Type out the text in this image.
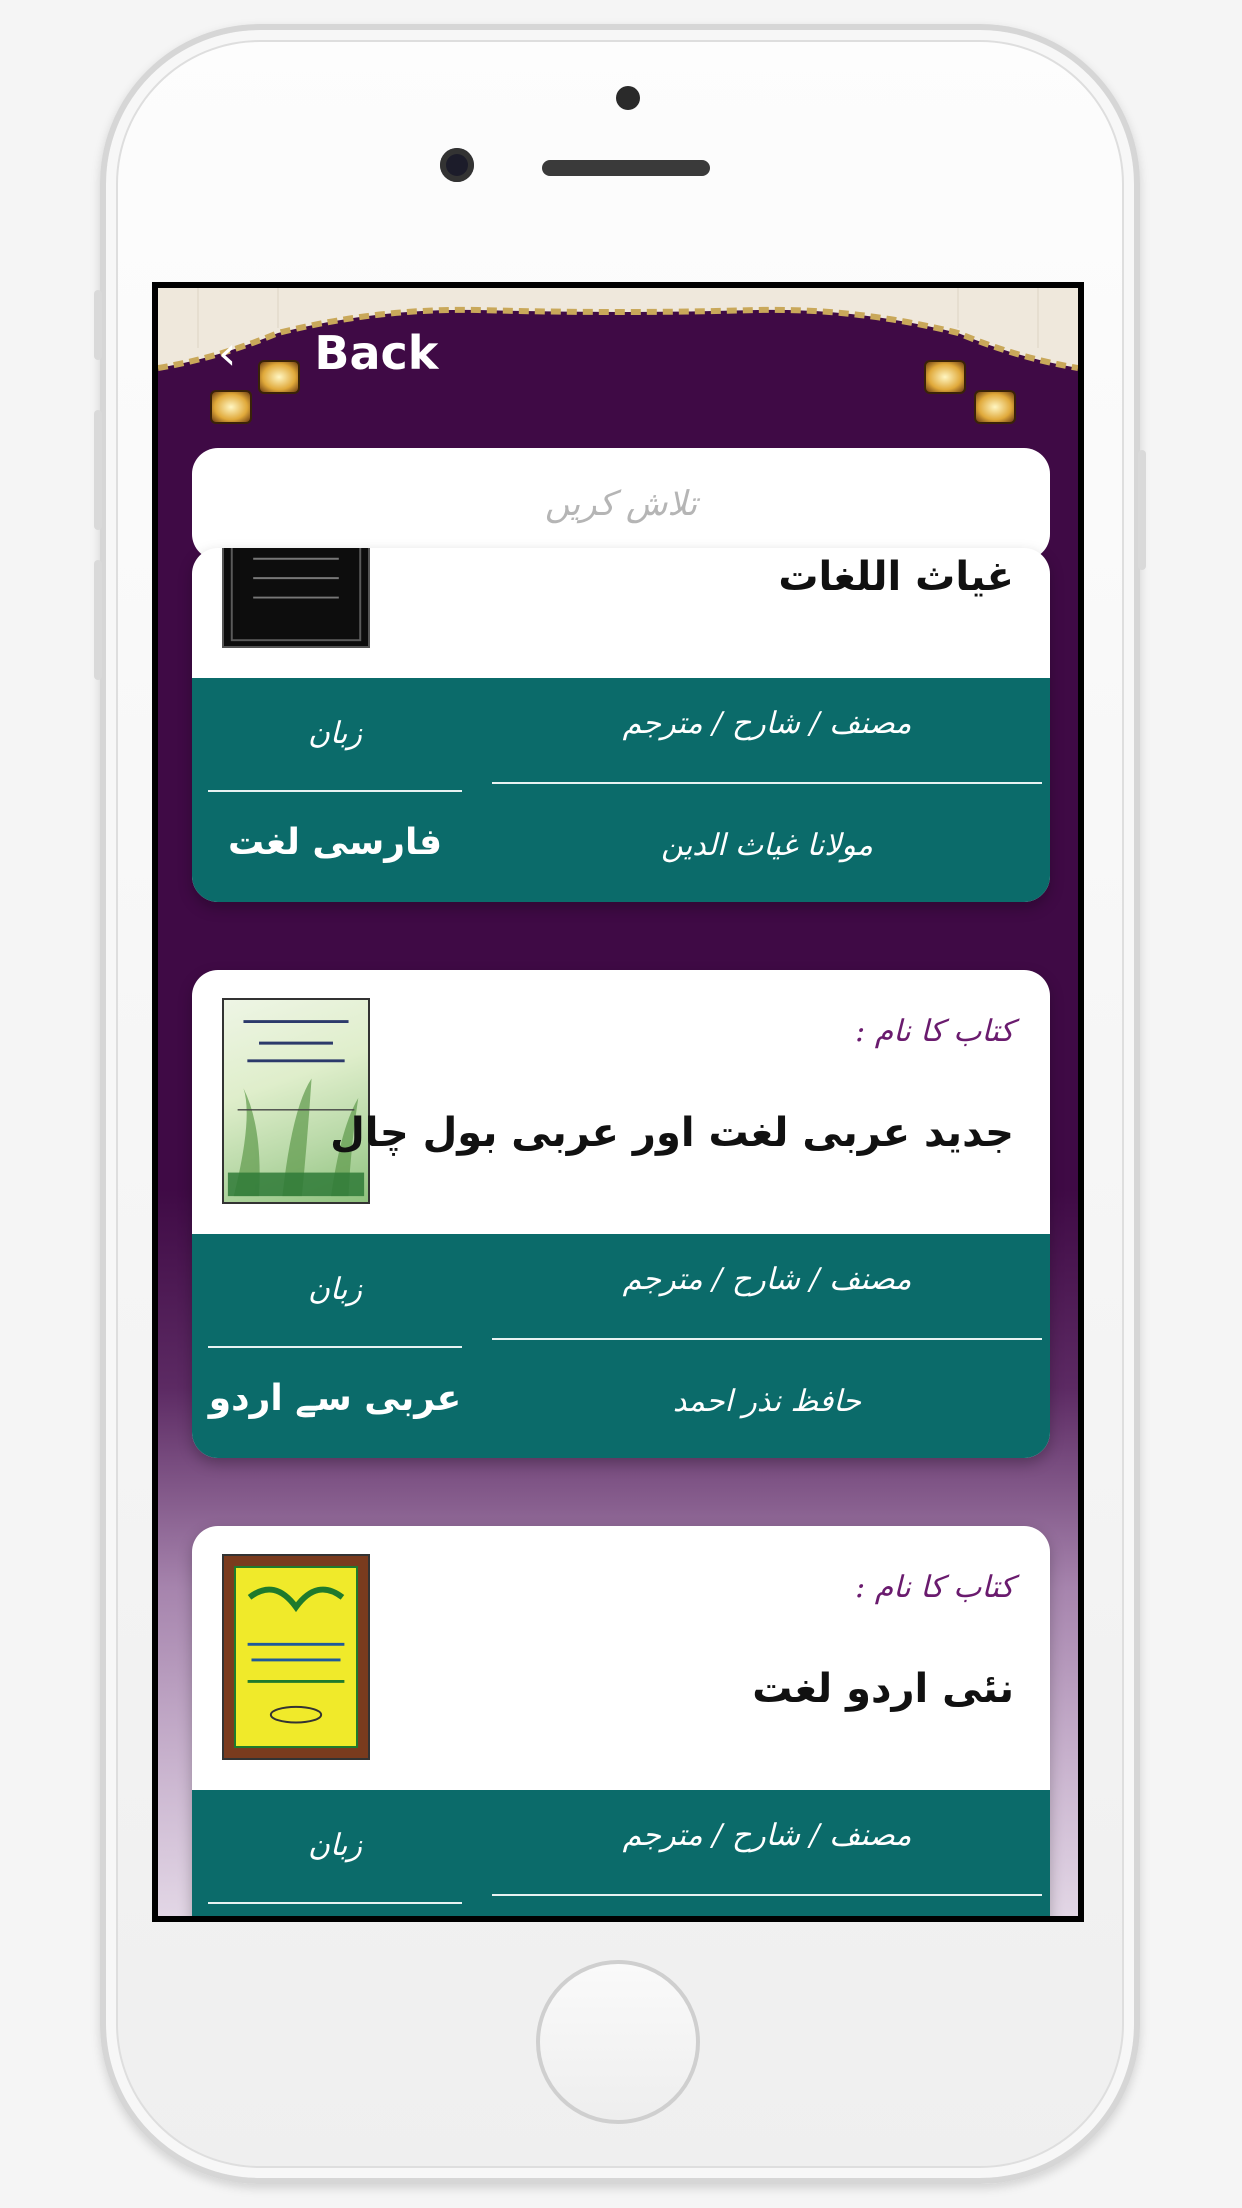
‹ Back
تلاش کریں
غیاث اللغات
مصنف / شارح / مترجم
مولانا غیاث الدین
زبان
فارسی لغت
کتاب کا نام :
جدید عربی لغت اور عربی بول چال
مصنف / شارح / مترجم
حافظ نذر احمد
زبان
عربی سے اردو
کتاب کا نام :
نئی اردو لغت
مصنف / شارح / مترجم
زبان
